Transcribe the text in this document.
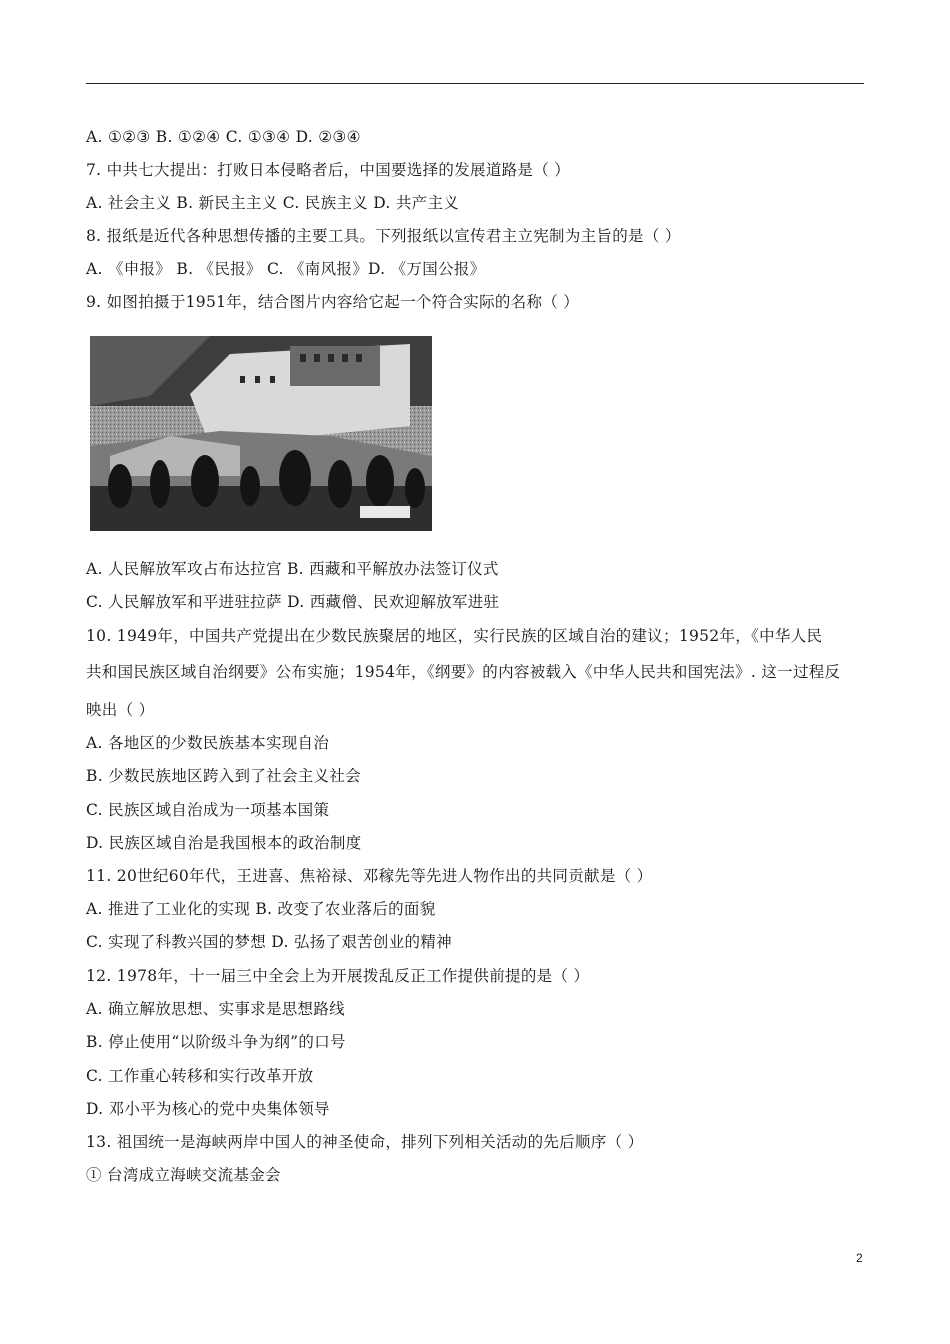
A. ①②③ B. ①②④ C. ①③④ D. ②③④
7. 中共七大提出：打败日本侵略者后，中国要选择的发展道路是（ ）
A. 社会主义 B. 新民主主义 C. 民族主义 D. 共产主义
8. 报纸是近代各种思想传播的主要工具。下列报纸以宣传君主立宪制为主旨的是（ ）
A. 《申报》 B. 《民报》 C. 《南风报》D. 《万国公报》
9. 如图拍摄于1951年，结合图片内容给它起一个符合实际的名称（ ）
A. 人民解放军攻占布达拉宫 B. 西藏和平解放办法签订仪式
C. 人民解放军和平进驻拉萨 D. 西藏僧、民欢迎解放军进驻
10. 1949年，中国共产党提出在少数民族聚居的地区，实行民族的区域自治的建议；1952年，《中华人民
共和国民族区域自治纲要》公布实施；1954年，《纲要》的内容被载入《中华人民共和国宪法》. 这一过程反
映出（ ）
A. 各地区的少数民族基本实现自治
B. 少数民族地区跨入到了社会主义社会
C. 民族区域自治成为一项基本国策
D. 民族区域自治是我国根本的政治制度
11. 20世纪60年代，王进喜、焦裕禄、邓稼先等先进人物作出的共同贡献是（ ）
A. 推进了工业化的实现 B. 改变了农业落后的面貌
C. 实现了科教兴国的梦想 D. 弘扬了艰苦创业的精神
12. 1978年，十一届三中全会上为开展拨乱反正工作提供前提的是（ ）
A. 确立解放思想、实事求是思想路线
B. 停止使用“以阶级斗争为纲”的口号
C. 工作重心转移和实行改革开放
D. 邓小平为核心的党中央集体领导
13. 祖国统一是海峡两岸中国人的神圣使命，排列下列相关活动的先后顺序（ ）
① 台湾成立海峡交流基金会
2
